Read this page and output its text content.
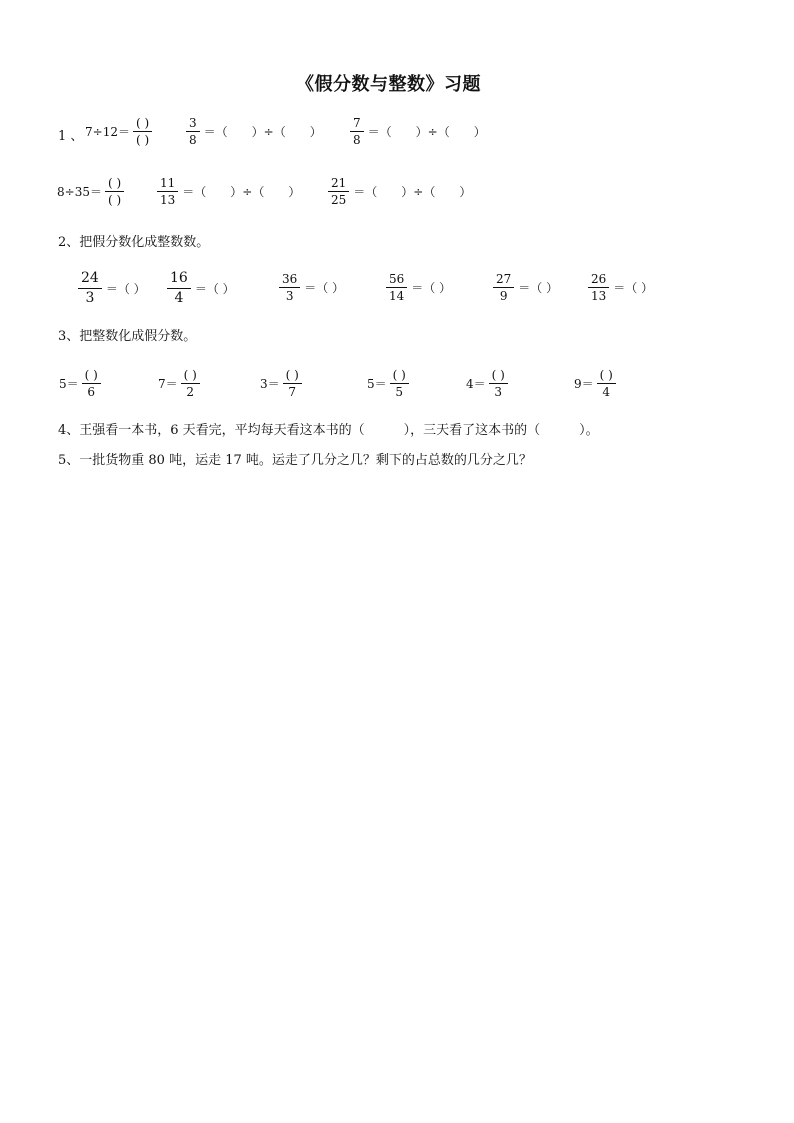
《假分数与整数》习题
1 、 $7\div 12= \frac{( )}{( )} \frac{3}{8}$ ＝（　　）÷（　　） $\frac{7}{8}$ ＝（　　）÷（　　）
$8\div 35= \frac{( )}{( )} \frac{11}{13}$ ＝（　　）÷（　　） $\frac{21}{25}$ ＝（　　）÷（　　）
2、把假分数化成整数数。
$\frac{24}{3}$ ＝（ ） $\frac{16}{4}$ ＝（ ）	$\frac{36}{3}$ ＝（ ）	$\frac{56}{14}$ ＝（ ）	$\frac{27}{9}$ ＝（ ） $\frac{26}{13}$ ＝（ ）
3、把整数化成假分数。
$5= \frac{( )}{6}$	$7= \frac{( )}{2}$	$3= \frac{( )}{7}$	$5= \frac{( )}{5}$	$4= \frac{( )}{3}$	$9= \frac{( )}{4}$
4、王强看一本书，6 天看完，平均每天看这本书的（　　　），三天看了这本书的（　　　）。
5、一批货物重 80 吨，运走 17 吨。运走了几分之几？剩下的占总数的几分之几？
